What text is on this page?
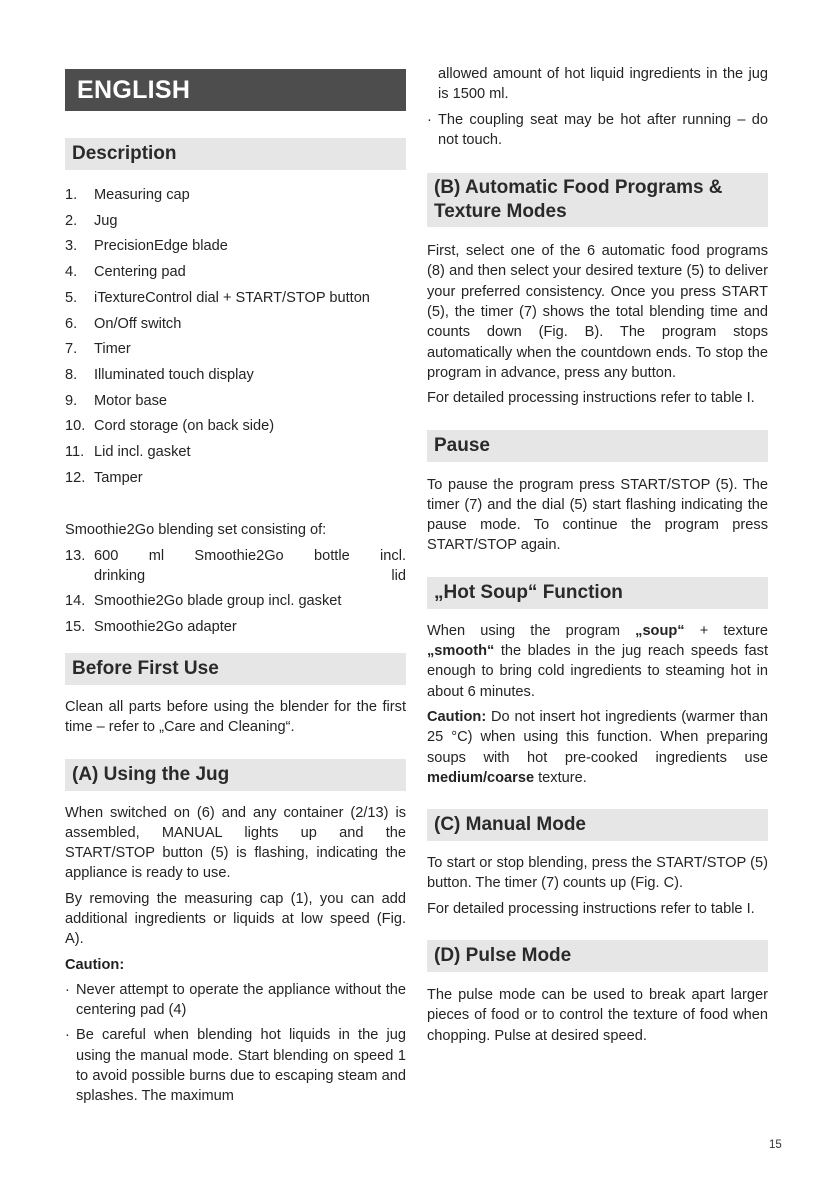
ENGLISH
Description
1.	Measuring cap
2.	Jug
3.	PrecisionEdge blade
4.	Centering pad
5.	iTextureControl dial + START/STOP button
6.	On/Off switch
7.	Timer
8.	Illuminated touch display
9.	Motor base
10. Cord storage (on back side)
11. Lid incl. gasket
12. Tamper

Smoothie2Go blending set consisting of:

13. 600 ml Smoothie2Go bottle incl.
drinking lid
14. Smoothie2Go blade group incl. gasket
15. Smoothie2Go adapter
Before First Use

Clean all parts before using the blender for the first time – refer to „Care and Cleaning“.

(A) Using the Jug

When switched on (6) and any container (2/13) is assembled, MANUAL lights up and the START/STOP button (5) is flashing, indicating the appliance is ready to use.

By removing the measuring cap (1), you can add additional ingredients or liquids at low speed (Fig. A).

Caution:
· Never attempt to operate the appliance without the centering pad (4)
· Be careful when blending hot liquids in the jug using the manual mode. Start blending on speed 1 to avoid possible burns due to escaping steam and splashes. The maximum
allowed amount of hot liquid ingredients in the jug is 1500 ml.
· The coupling seat may be hot after running – do not touch.
(B) Automatic Food Programs &
Texture Modes

First, select one of the 6 automatic food programs (8) and then select your desired texture (5) to deliver your preferred consistency. Once you press START (5), the timer (7) shows the total blending time and counts down (Fig. B). The program stops automatically when the countdown ends. To stop the program in advance, press any button.

For detailed processing instructions refer to table I.

Pause

To pause the program press START/STOP (5). The timer (7) and the dial (5) start flashing indicating the pause mode. To continue the program press START/STOP again.

„Hot Soup“ Function

When using the program „soup“ + texture „smooth“ the blades in the jug reach speeds fast enough to bring cold ingredients to steaming hot in about 6 minutes.

Caution: Do not insert hot ingredients (warmer than 25 °C) when using this function. When preparing soups with hot pre-cooked ingredients use medium/coarse texture.

(C) Manual Mode

To start or stop blending, press the START/STOP (5) button. The timer (7) counts up (Fig. C).

For detailed processing instructions refer to table I.

(D) Pulse Mode

The pulse mode can be used to break apart larger pieces of food or to control the texture of food when chopping. Pulse at desired speed.

15
